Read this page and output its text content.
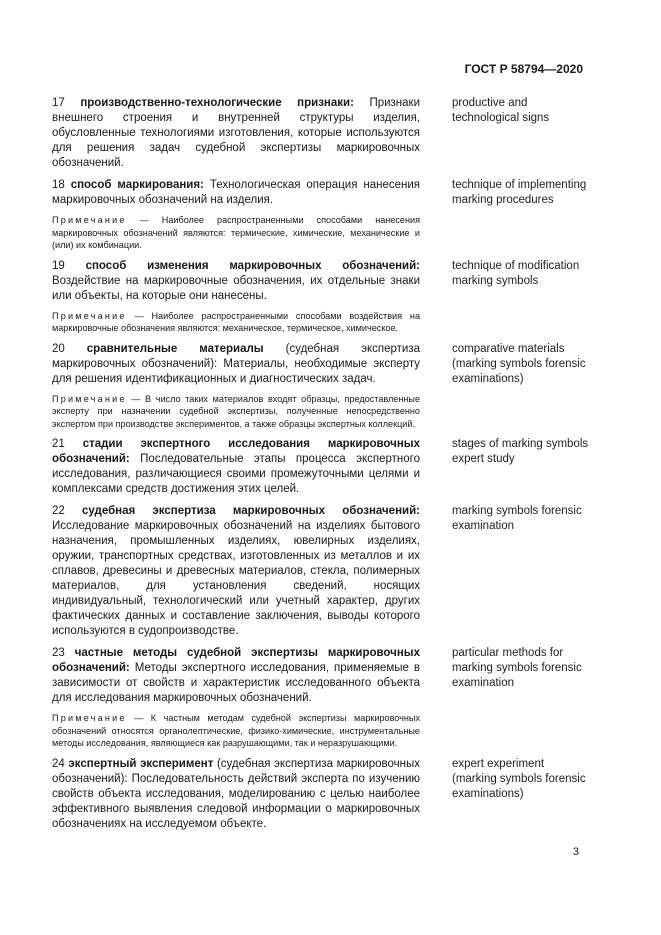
ГОСТ Р 58794—2020
17 производственно-технологические признаки: Признаки внешнего строения и внутренней структуры изделия, обусловленные технологиями изготовления, которые используются для решения задач судебной экспертизы маркировочных обозначений.
productive and
technological signs
18 способ маркирования: Технологическая операция нанесения маркировочных обозначений на изделия.
Примечание — Наиболее распространенными способами нанесения маркировочных обозначений являются: термические, химические, механические и (или) их комбинации.
technique of implementing
marking procedures
19 способ изменения маркировочных обозначений: Воздействие на маркировочные обозначения, их отдельные знаки или объекты, на которые они нанесены.
Примечание — Наиболее распространенными способами воздействия на маркировочные обозначения являются: механическое, термическое, химическое.
technique of modification
marking symbols
20 сравнительные материалы (судебная экспертиза маркировочных обозначений): Материалы, необходимые эксперту для решения идентификационных и диагностических задач.
Примечание — В число таких материалов входят образцы, предоставленные эксперту при назначении судебной экспертизы, полученные непосредственно экспертом при производстве экспериментов, а также образцы экспертных коллекций.
comparative materials
(marking symbols forensic
examinations)
21 стадии экспертного исследования маркировочных обозначений: Последовательные этапы процесса экспертного исследования, различающиеся своими промежуточными целями и комплексами средств достижения этих целей.
stages of marking symbols
expert study
22 судебная экспертиза маркировочных обозначений: Исследование маркировочных обозначений на изделиях бытового назначения, промышленных изделиях, ювелирных изделиях, оружии, транспортных средствах, изготовленных из металлов и их сплавов, древесины и древесных материалов, стекла, полимерных материалов, для установления сведений, носящих индивидуальный, технологический или учетный характер, других фактических данных и составление заключения, выводы которого используются в судопроизводстве.
marking symbols forensic
examination
23 частные методы судебной экспертизы маркировочных обозначений: Методы экспертного исследования, применяемые в зависимости от свойств и характеристик исследованного объекта для исследования маркировочных обозначений.
Примечание — К частным методам судебной экспертизы маркировочных обозначений относятся органолептические, физико-химические, инструментальные методы исследования, являющиеся как разрушающими, так и неразрушающими.
particular methods for
marking symbols forensic
examination
24 экспертный эксперимент (судебная экспертиза маркировочных обозначений): Последовательность действий эксперта по изучению свойств объекта исследования, моделированию с целью наиболее эффективного выявления следовой информации о маркировочных обозначениях на исследуемом объекте.
expert experiment
(marking symbols forensic
examinations)
3
